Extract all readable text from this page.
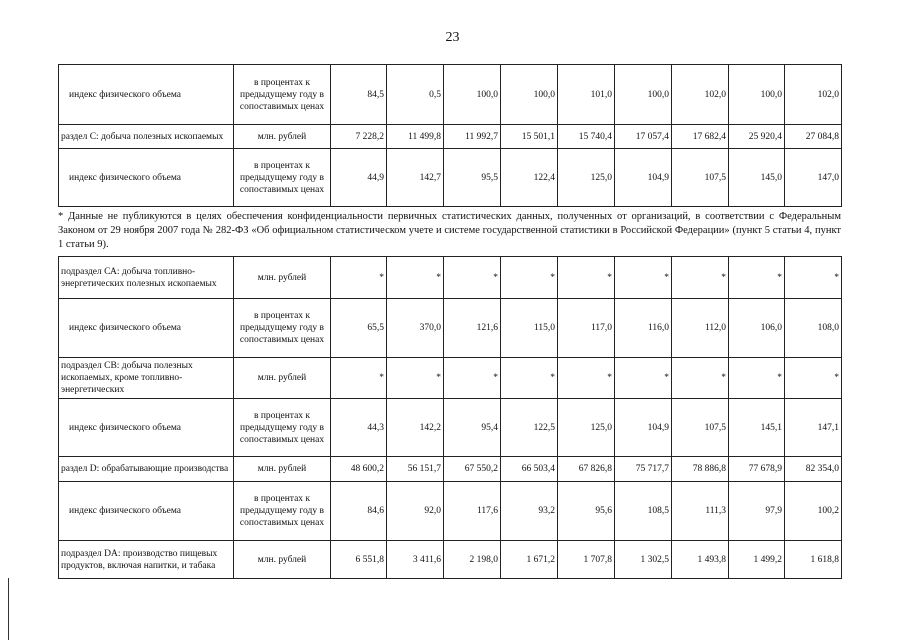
23
индекс физического объема	в процентах к предыдущему году в сопоставимых ценах	84,5	0,5	100,0	100,0	101,0	100,0	102,0	100,0	102,0
раздел С: добыча полезных ископаемых	млн. рублей	7 228,2	11 499,8	11 992,7	15 501,1	15 740,4	17 057,4	17 682,4	25 920,4	27 084,8
индекс физического объема	в процентах к предыдущему году в сопоставимых ценах	44,9	142,7	95,5	122,4	125,0	104,9	107,5	145,0	147,0
* Данные не публикуются в целях обеспечения конфиденциальности первичных статистических данных, полученных от организаций, в соответствии с Федеральным Законом от 29 ноября 2007 года № 282-ФЗ «Об официальном статистическом учете и системе государственной статистики в Российской Федерации» (пункт 5 статьи 4, пункт 1 статьи 9).
подраздел СА: добыча топливно-энергетических полезных ископаемых	млн. рублей	*	*	*	*	*	*	*	*	*
индекс физического объема	в процентах к предыдущему году в сопоставимых ценах	65,5	370,0	121,6	115,0	117,0	116,0	112,0	106,0	108,0
подраздел СВ: добыча полезных ископаемых, кроме топливно-энергетических	млн. рублей	*	*	*	*	*	*	*	*	*
индекс физического объема	в процентах к предыдущему году в сопоставимых ценах	44,3	142,2	95,4	122,5	125,0	104,9	107,5	145,1	147,1
раздел D: обрабатывающие производства	млн. рублей	48 600,2	56 151,7	67 550,2	66 503,4	67 826,8	75 717,7	78 886,8	77 678,9	82 354,0
индекс физического объема	в процентах к предыдущему году в сопоставимых ценах	84,6	92,0	117,6	93,2	95,6	108,5	111,3	97,9	100,2
подраздел DA: производство пищевых продуктов, включая напитки, и табака	млн. рублей	6 551,8	3 411,6	2 198,0	1 671,2	1 707,8	1 302,5	1 493,8	1 499,2	1 618,8
